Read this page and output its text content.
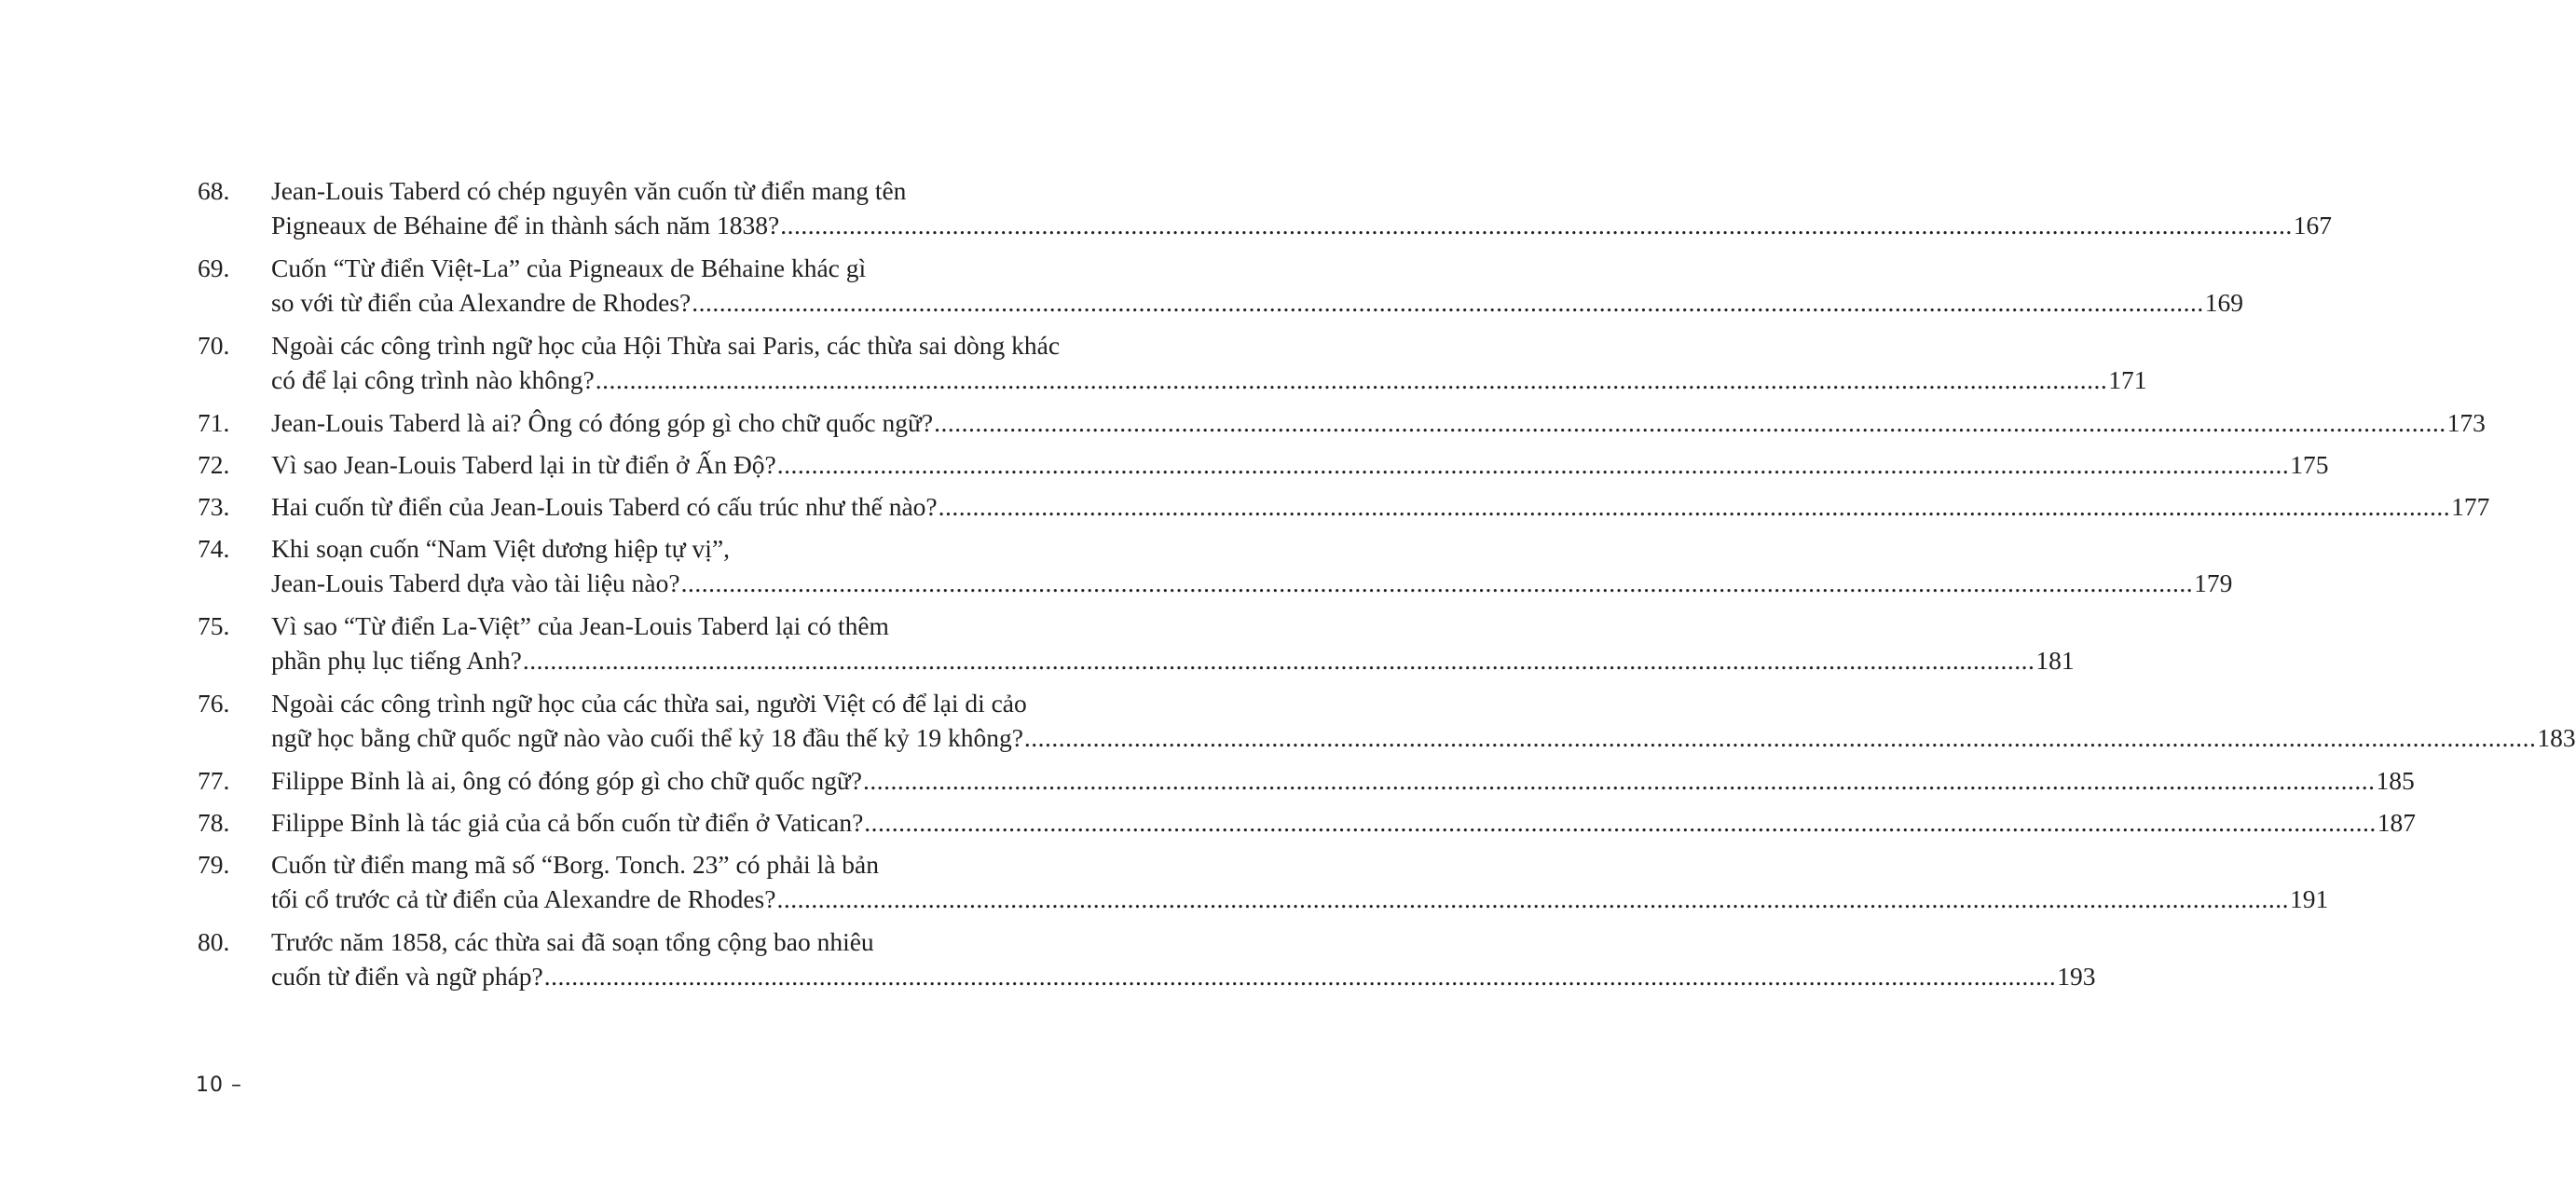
68.	Jean-Louis Taberd có chép nguyên văn cuốn từ điển mang tên
Pigneaux de Béhaine để in thành sách năm 1838? ............................................................................................................................................................................................................................ 167
69.	Cuốn “Từ điển Việt-La” của Pigneaux de Béhaine khác gì
so với từ điển của Alexandre de Rhodes? ............................................................................................................................................................................................................................ 169
70.	Ngoài các công trình ngữ học của Hội Thừa sai Paris, các thừa sai dòng khác
có để lại công trình nào không? ............................................................................................................................................................................................................................ 171
71.	Jean-Louis Taberd là ai? Ông có đóng góp gì cho chữ quốc ngữ? ............................................................................................................................................................................................................................ 173
72.	Vì sao Jean-Louis Taberd lại in từ điển ở Ấn Độ? ............................................................................................................................................................................................................................ 175
73.	Hai cuốn từ điển của Jean-Louis Taberd có cấu trúc như thế nào? ............................................................................................................................................................................................................................ 177
74.	Khi soạn cuốn “Nam Việt dương hiệp tự vị”,
Jean-Louis Taberd dựa vào tài liệu nào? ............................................................................................................................................................................................................................ 179
75.	Vì sao “Từ điển La-Việt” của Jean-Louis Taberd lại có thêm
phần phụ lục tiếng Anh? ............................................................................................................................................................................................................................ 181
76.	Ngoài các công trình ngữ học của các thừa sai, người Việt có để lại di cảo
ngữ học bằng chữ quốc ngữ nào vào cuối thể kỷ 18 đầu thế kỷ 19 không? ............................................................................................................................................................................................................................ 183
77.	Filippe Bỉnh là ai, ông có đóng góp gì cho chữ quốc ngữ? ............................................................................................................................................................................................................................ 185
78.	Filippe Bỉnh là tác giả của cả bốn cuốn từ điển ở Vatican? ............................................................................................................................................................................................................................ 187
79.	Cuốn từ điển mang mã số “Borg. Tonch. 23” có phải là bản
tối cổ trước cả từ điển của Alexandre de Rhodes? ............................................................................................................................................................................................................................ 191
80.	Trước năm 1858, các thừa sai đã soạn tổng cộng bao nhiêu
cuốn từ điển và ngữ pháp? ............................................................................................................................................................................................................................ 193
10 –
